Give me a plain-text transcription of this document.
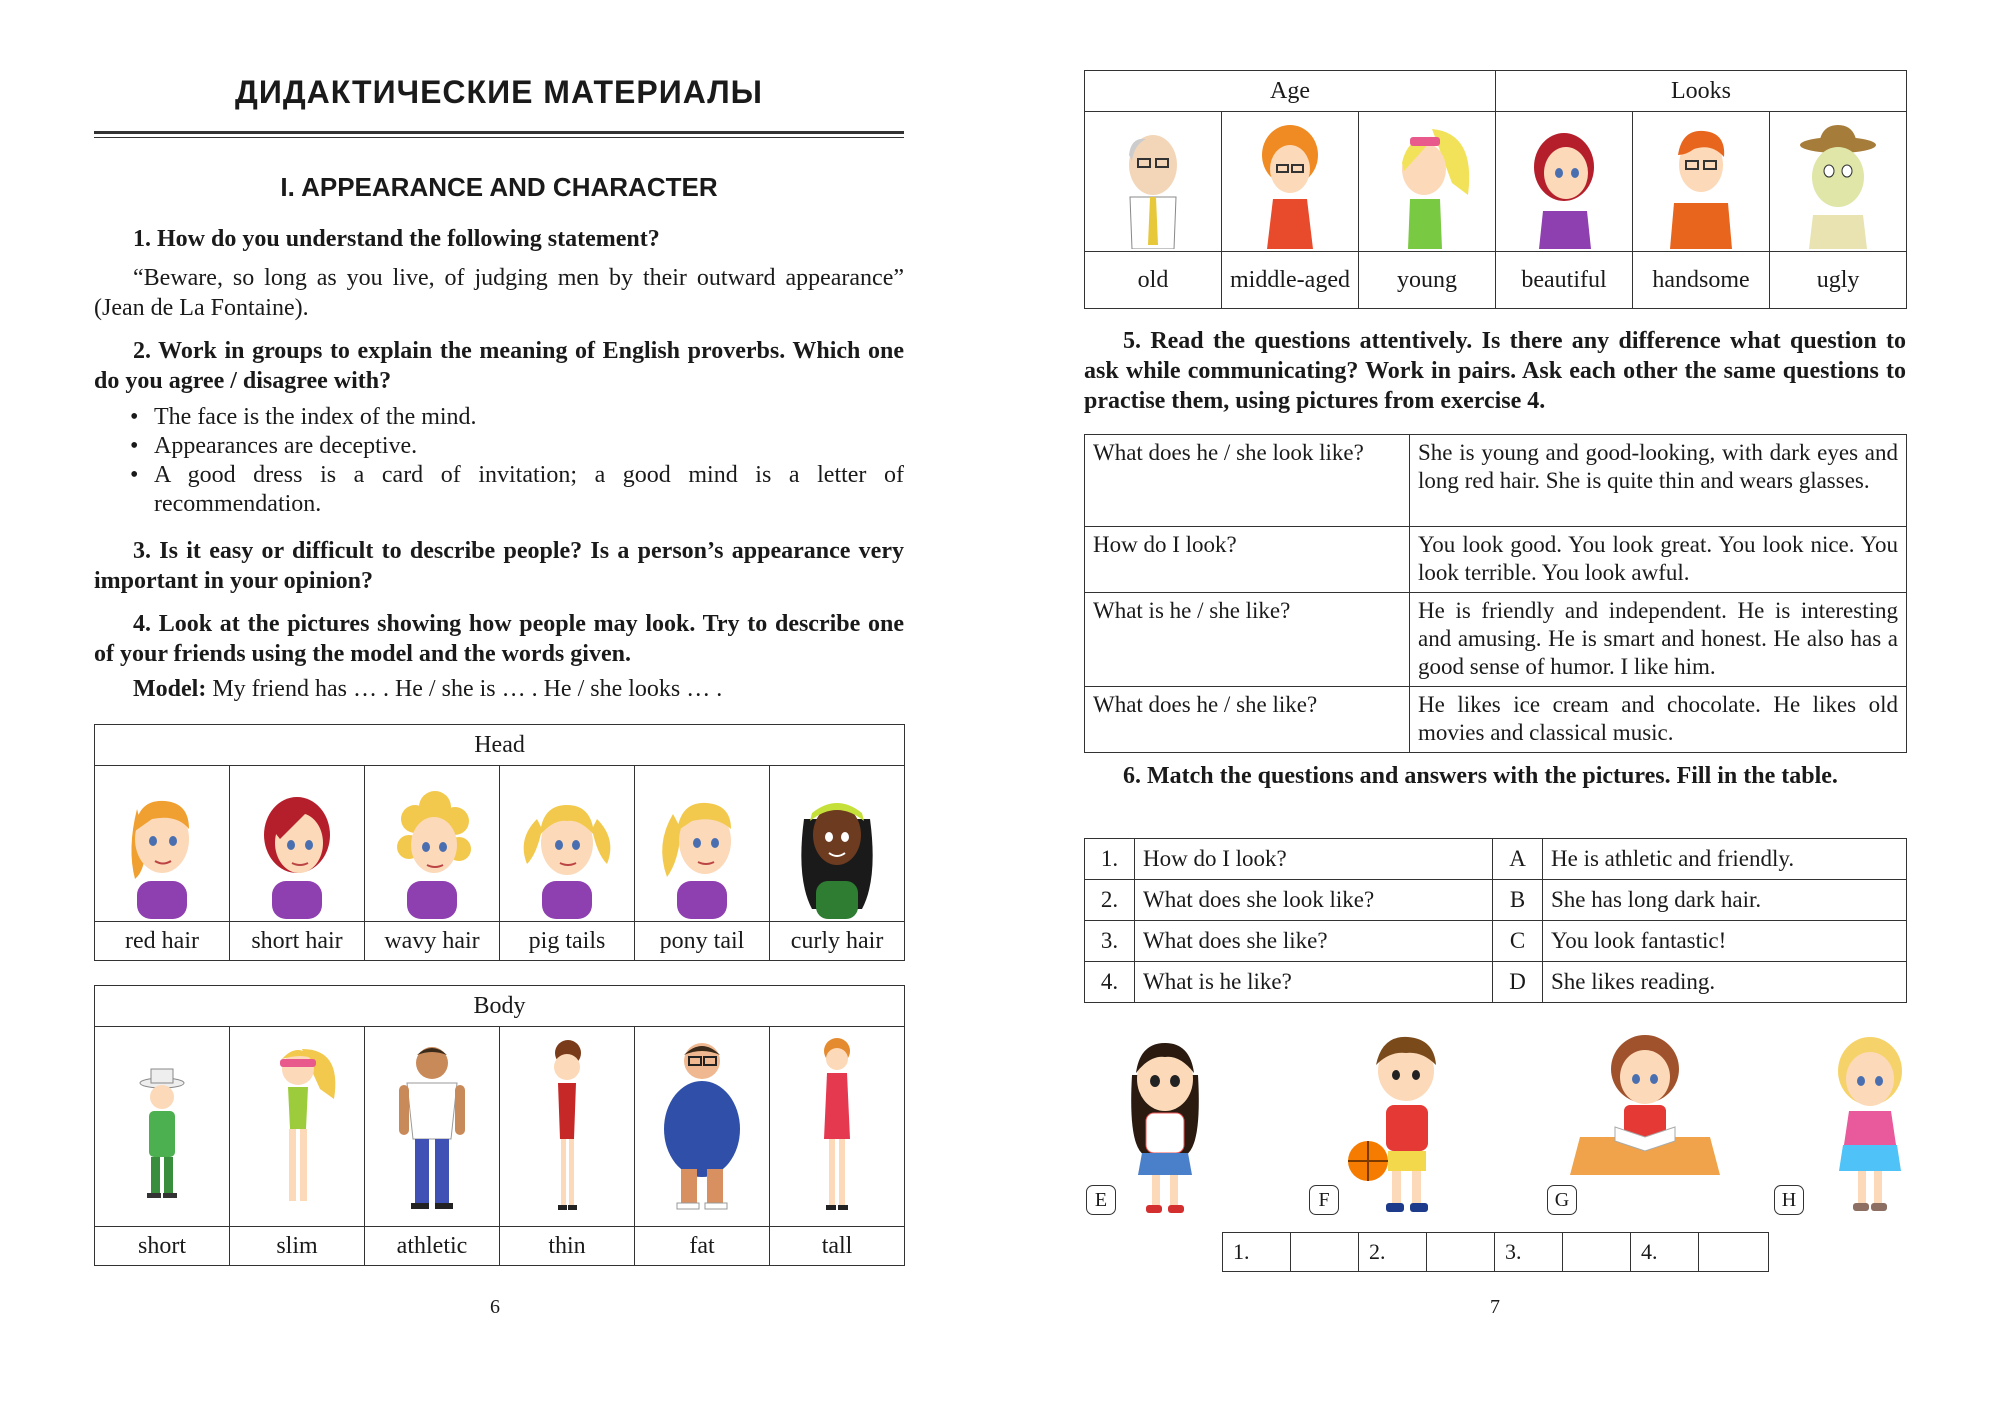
ДИДАКТИЧЕСКИЕ МАТЕРИАЛЫ
I. APPEARANCE AND CHARACTER
1. How do you understand the following statement?
“Beware, so long as you live, of judging men by their outward appearance” (Jean de La Fontaine).
2. Work in groups to explain the meaning of English proverbs. Which one do you agree / disagree with?
• The face is the index of the mind.
• Appearances are deceptive.
• A good dress is a card of invitation; a good mind is a letter of recommendation.
3. Is it easy or difficult to describe people? Is a person’s appearance very important in your opinion?
4. Look at the pictures showing how people may look. Try to describe one of your friends using the model and the words given.
Model: My friend has … . He / she is … . He / she looks … .
Head					

red hair	short hair	wavy hair	pig tails	pony tail	curly hair
Body					

short	slim	athletic	thin	fat	tall
6
Age			Looks		

old	middle-aged	young	beautiful	handsome	ugly
5. Read the questions attentively. Is there any difference what question to ask while communicating? Work in pairs. Ask each other the same questions to practise them, using pictures from exercise 4.
What does he / she look like?	She is young and good-looking, with dark eyes and long red hair. She is quite thin and wears glasses.
How do I look?	You look good. You look great. You look nice. You look terrible. You look awful.
What is he / she like?	He is friendly and independent. He is interesting and amusing. He is smart and honest. He also has a good sense of humor. I like him.
What does he / she like?	He likes ice cream and chocolate. He likes old movies and classical music.
6. Match the questions and answers with the pictures. Fill in the table.
1.	How do I look?	A	He is athletic and friendly.
2.	What does she look like?	B	She has long dark hair.
3.	What does she like?	C	You look fantastic!
4.	What is he like?	D	She likes reading.
E	F	G	H
1.		2.		3.		4.	
7
